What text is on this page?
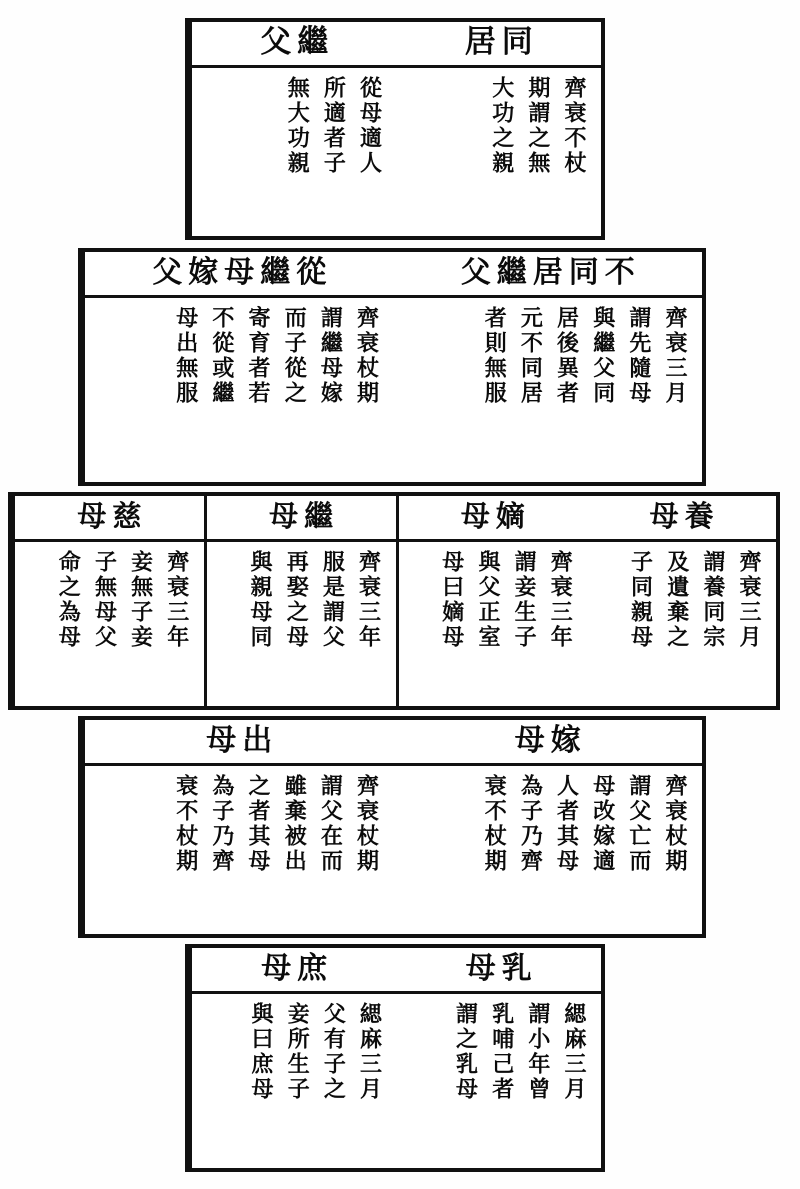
同
居
齊衰不杖
期謂之無
大功之親
繼
父
從母適人
所適者子
無大功親
不
同
居
繼
父
齊衰三月
謂先隨母
與繼父同
居後異者
元不同居
者則無服
從
繼
母
嫁
父
齊衰杖期
謂繼母嫁
而子從之
寄育者若
不從或繼
母出無服
養
母
齊衰三月
謂養同宗
及遺棄之
子同親母
嫡
母
齊衰三年
謂妾生子
與父正室
母曰嫡母
繼
母
齊衰三年
服是謂父
再娶之母
與親母同
慈
母
齊衰三年
妾無子妾
子無母父
命之為母
嫁
母
齊衰杖期
謂父亡而
母改嫁適
人者其母
為子乃齊
衰不杖期
出
母
齊衰杖期
謂父在而
雖棄被出
之者其母
為子乃齊
衰不杖期
乳
母
緦麻三月
謂小年曾
乳哺己者
謂之乳母
庶
母
緦麻三月
父有子之
妾所生子
與曰庶母
